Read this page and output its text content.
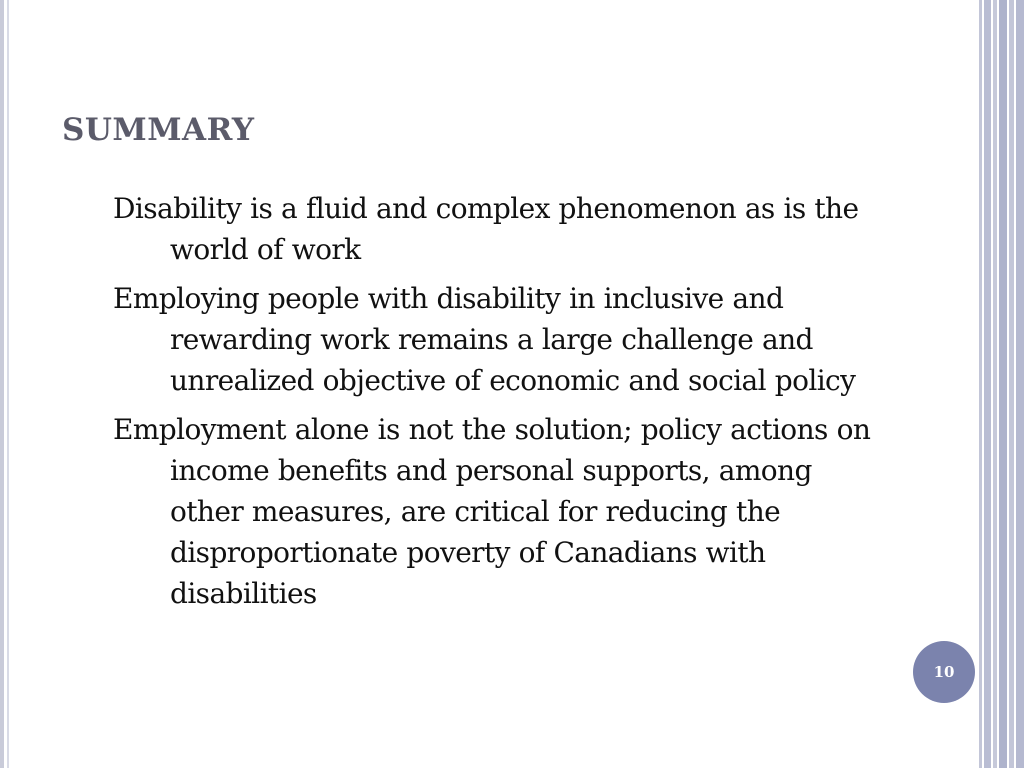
SUMMARY
Disability is a fluid and complex phenomenon as is the world of work
Employing people with disability in inclusive and rewarding work remains a large challenge and unrealized objective of economic and social policy
Employment alone is not the solution; policy actions on income benefits and personal supports, among other measures, are critical for reducing the disproportionate poverty of Canadians with disabilities
10
